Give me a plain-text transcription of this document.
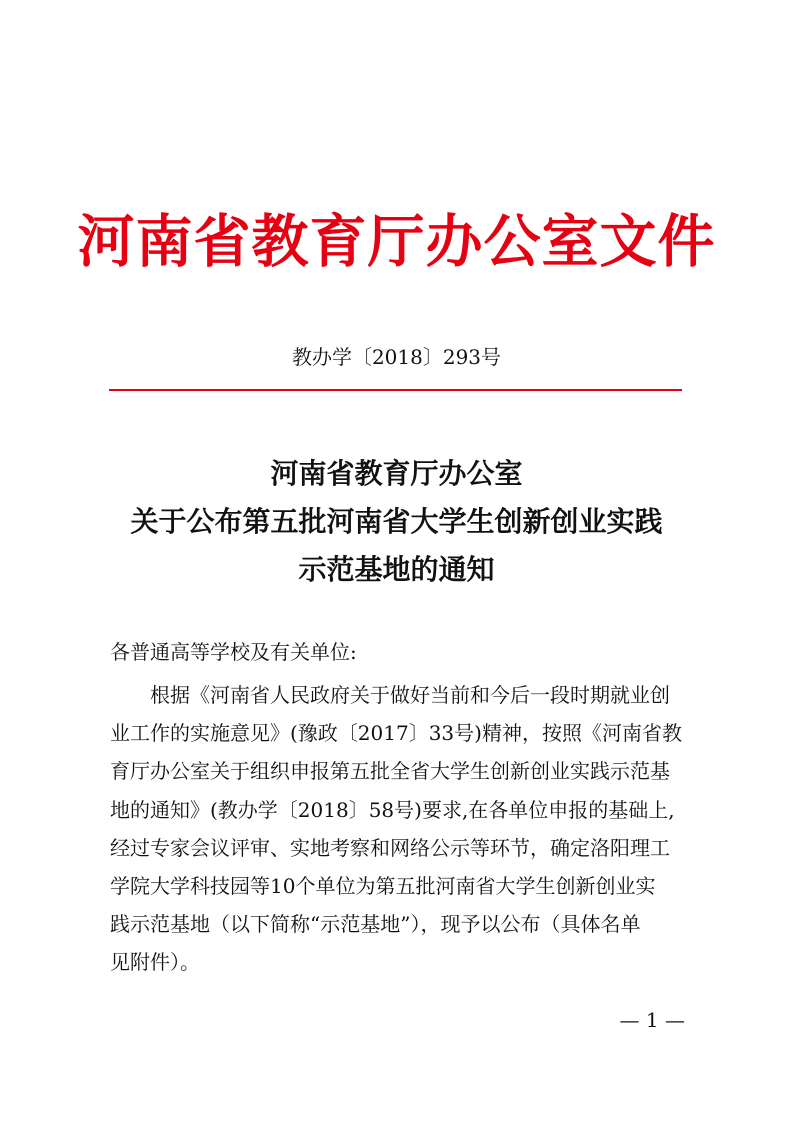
河南省教育厅办公室文件
教办学〔2018〕293号
河南省教育厅办公室
关于公布第五批河南省大学生创新创业实践
示范基地的通知
各普通高等学校及有关单位:
根据《河南省人民政府关于做好当前和今后一段时期就业创
业工作的实施意见》(豫政〔2017〕33号)精神，按照《河南省教
育厅办公室关于组织申报第五批全省大学生创新创业实践示范基
地的通知》(教办学〔2018〕58号)要求,在各单位申报的基础上,
经过专家会议评审、实地考察和网络公示等环节，确定洛阳理工
学院大学科技园等10个单位为第五批河南省大学生创新创业实
践示范基地（以下简称“示范基地”），现予以公布（具体名单
见附件）。
— 1 —
